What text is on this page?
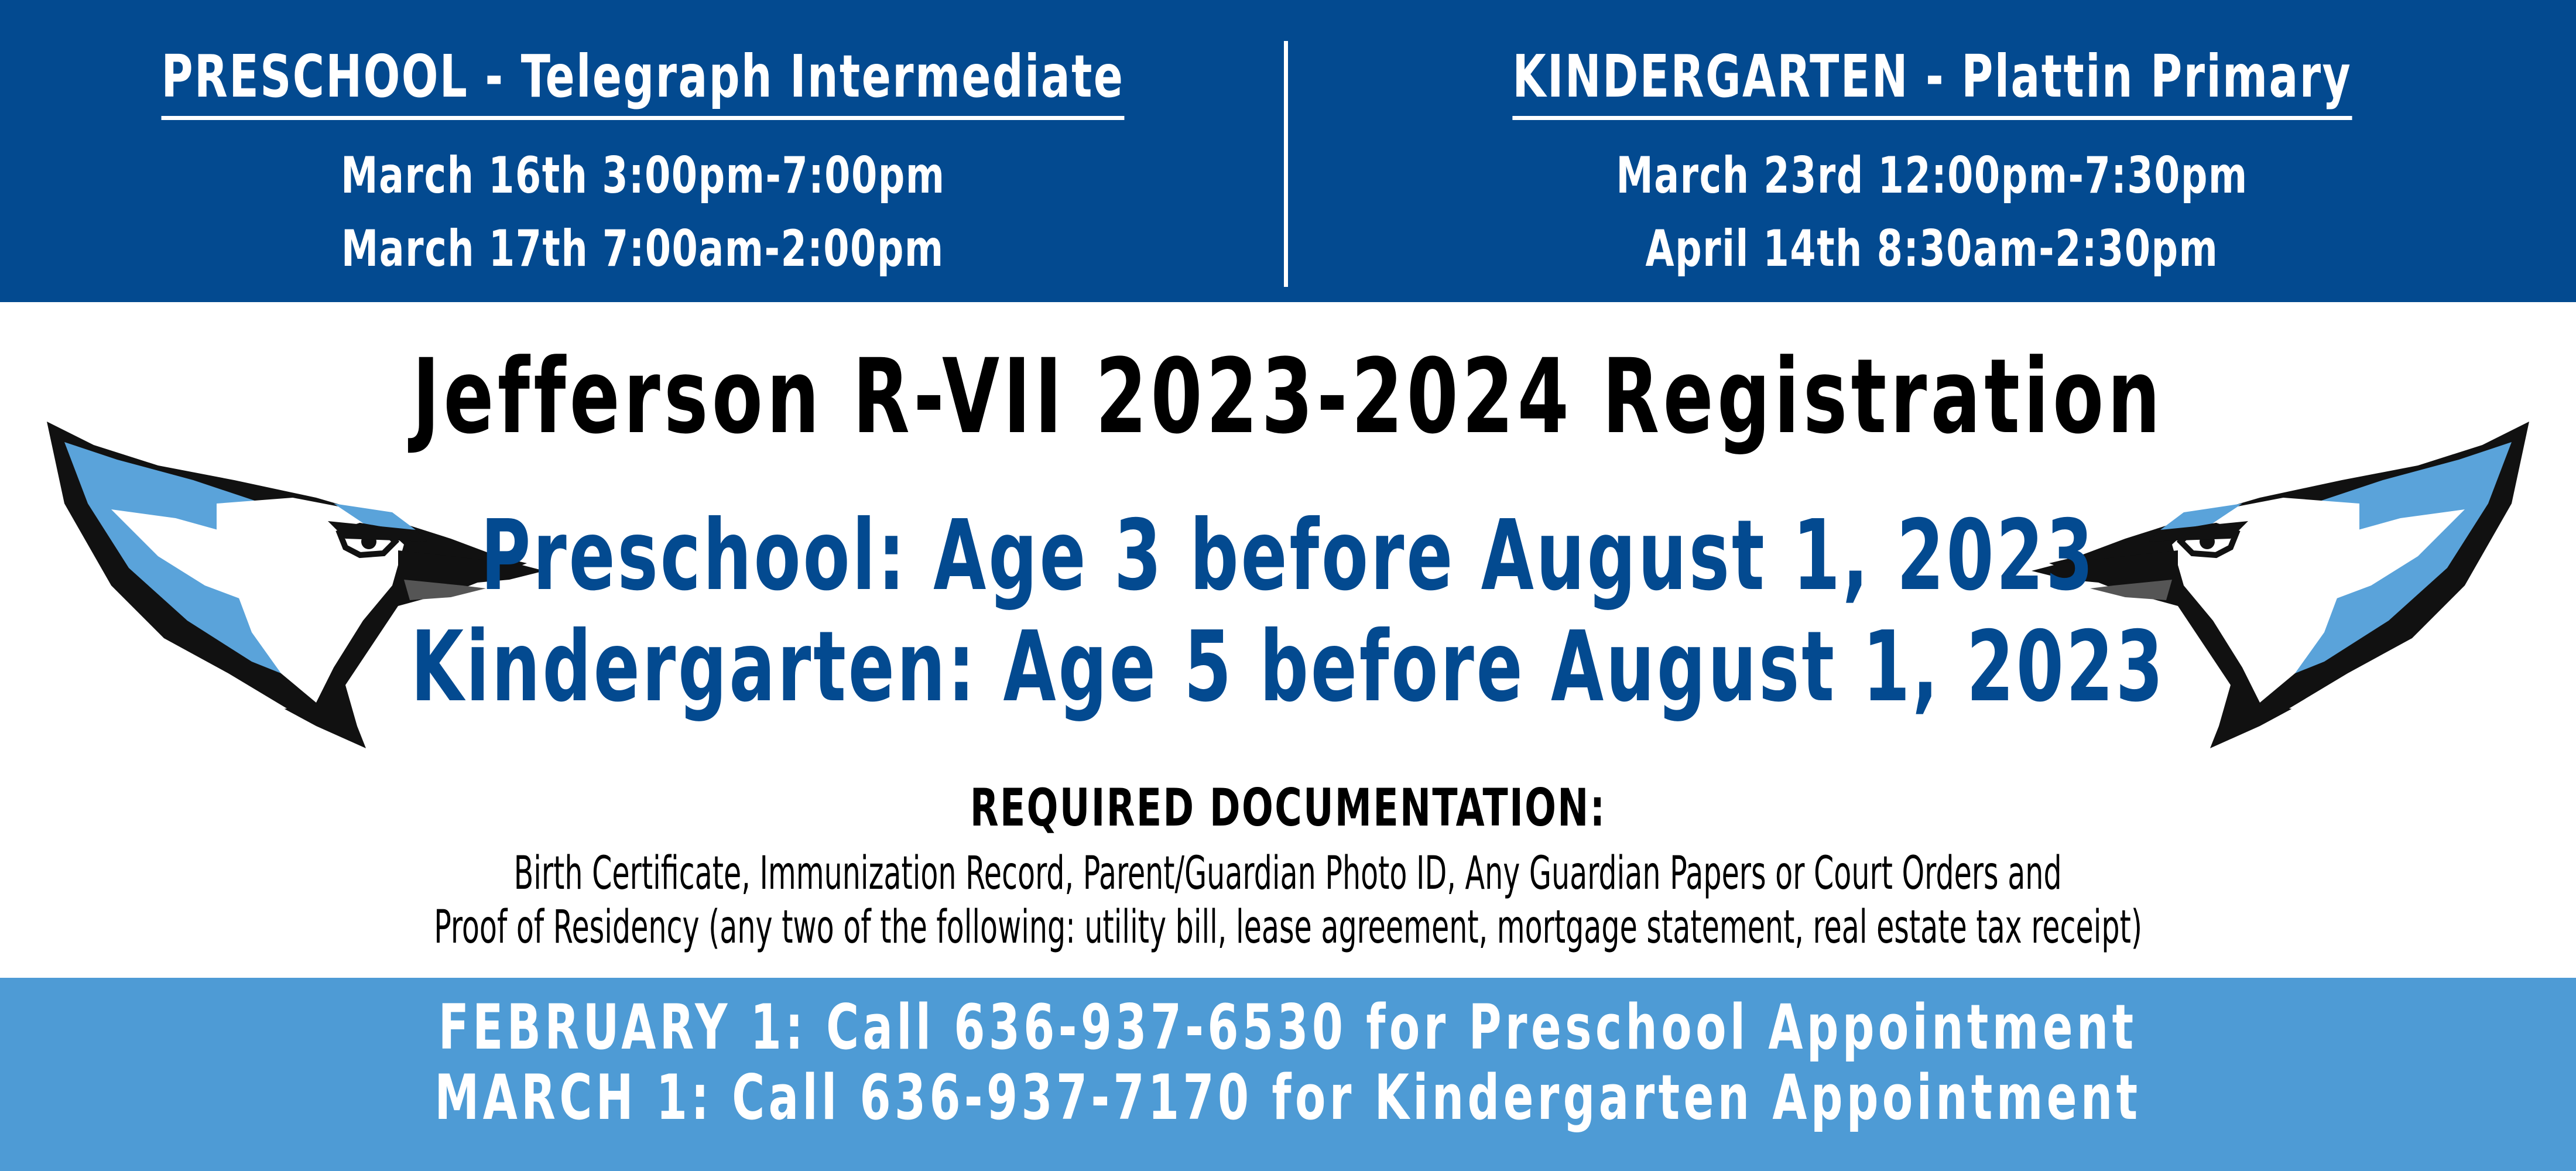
PRESCHOOL - Telegraph Intermediate
March 16th 3:00pm-7:00pm
March 17th 7:00am-2:00pm
KINDERGARTEN - Plattin Primary
March 23rd 12:00pm-7:30pm
April 14th 8:30am-2:30pm
Jefferson R-VII 2023-2024 Registration
Preschool: Age 3 before August 1, 2023
Kindergarten: Age 5 before August 1, 2023
REQUIRED DOCUMENTATION:
Birth Certificate, Immunization Record, Parent/Guardian Photo ID, Any Guardian Papers or Court Orders and
Proof of Residency (any two of the following: utility bill, lease agreement, mortgage statement, real estate tax receipt)
FEBRUARY 1: Call 636-937-6530 for Preschool Appointment
MARCH 1: Call 636-937-7170 for Kindergarten Appointment
